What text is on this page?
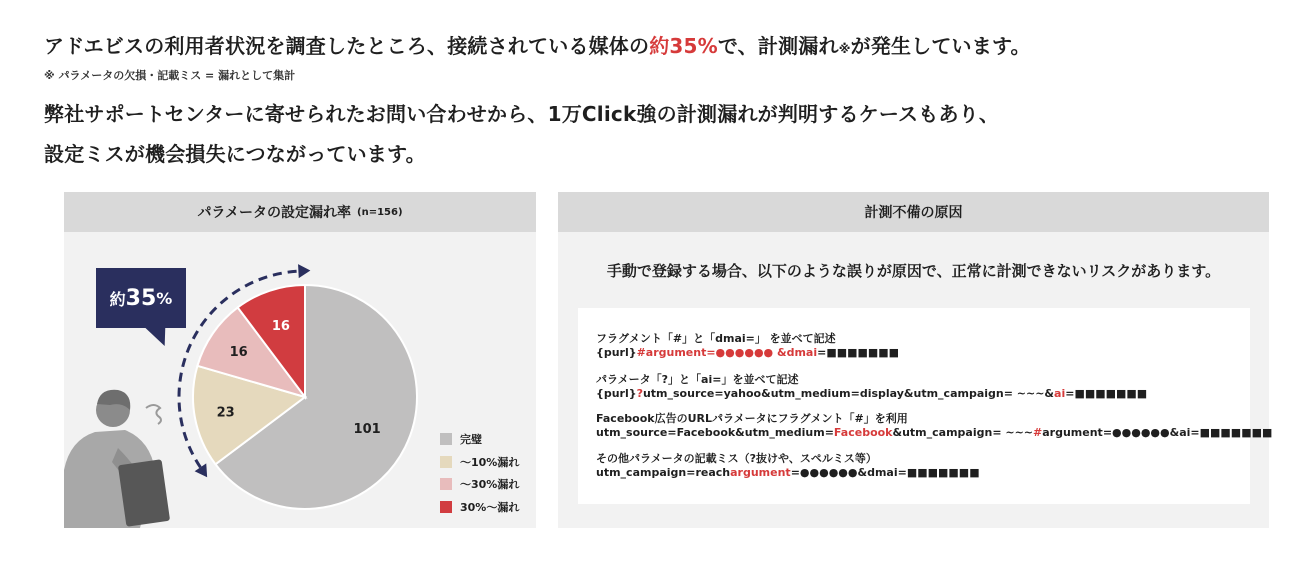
アドエビスの利用者状況を調査したところ、接続されている媒体の約35%で、計測漏れ※が発生しています。
※ パラメータの欠損・記載ミス = 漏れとして集計
弊社サポートセンターに寄せられたお問い合わせから、1万Click強の計測漏れが判明するケースもあり、
設定ミスが機会損失につながっています。
パラメータの設定漏れ率 (n=156)
101
23
16
16
約 35 %
完璧
〜10%漏れ
〜30%漏れ
30%〜漏れ
計測不備の原因
手動で登録する場合、以下のような誤りが原因で、正常に計測できないリスクがあります。
フラグメント「#」と「dmai=」 を並べて記述
{purl}#argument=●●●●●● &dmai=■■■■■■■
パラメータ「?」と「ai=」を並べて記述
{purl}?utm_source=yahoo&utm_medium=display&utm_campaign= ~~~&ai=■■■■■■■
Facebook広告のURLパラメータにフラグメント「#」を利用
utm_source=Facebook&utm_medium=Facebook&utm_campaign= ~~~#argument=●●●●●●&ai=■■■■■■■
その他パラメータの記載ミス（?抜けや、スペルミス等）
utm_campaign=reachargument=●●●●●●&dmai=■■■■■■■
